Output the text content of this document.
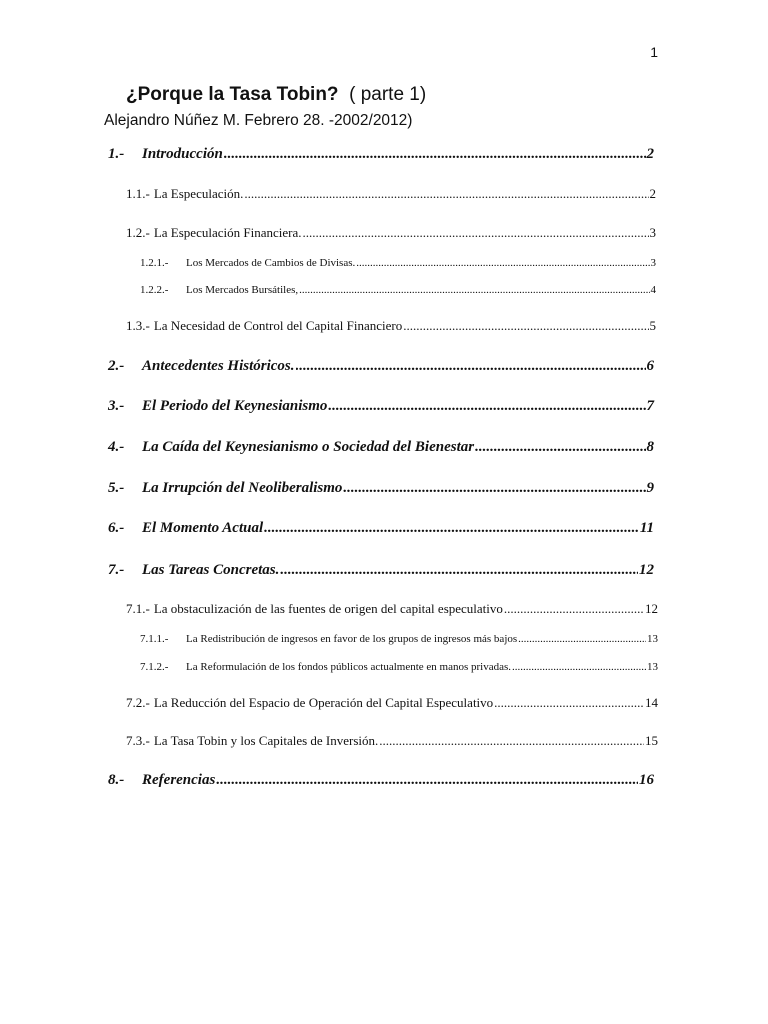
1
¿Porque la Tasa Tobin? ( parte 1)
Alejandro Núñez M. Febrero 28. -2002/2012)
1.-	Introducción .....	2
1.1.- La Especulación. .....	2
1.2.- La Especulación Financiera. .....	3
1.2.1.-	Los Mercados de Cambios de Divisas. .....	3
1.2.2.-	Los Mercados Bursátiles, .....	4
1.3.- La Necesidad de Control del Capital Financiero .....	5
2.-	Antecedentes Históricos. .....	6
3.-	El Periodo del Keynesianismo .....	7
4.-	La Caída del Keynesianismo o Sociedad del Bienestar .....	8
5.-	La Irrupción del Neoliberalismo .....	9
6.-	El Momento Actual .....	11
7.-	Las Tareas Concretas. .....	12
7.1.- La obstaculización de las fuentes de origen del capital especulativo .....	12
7.1.1.-	La Redistribución de ingresos en favor de los grupos de ingresos más bajos .....	13
7.1.2.-	La Reformulación de los fondos públicos actualmente en manos privadas. .....	13
7.2.- La Reducción del Espacio de Operación del Capital Especulativo .....	14
7.3.- La Tasa Tobin y los Capitales de Inversión. .....	15
8.-	Referencias .....	16
